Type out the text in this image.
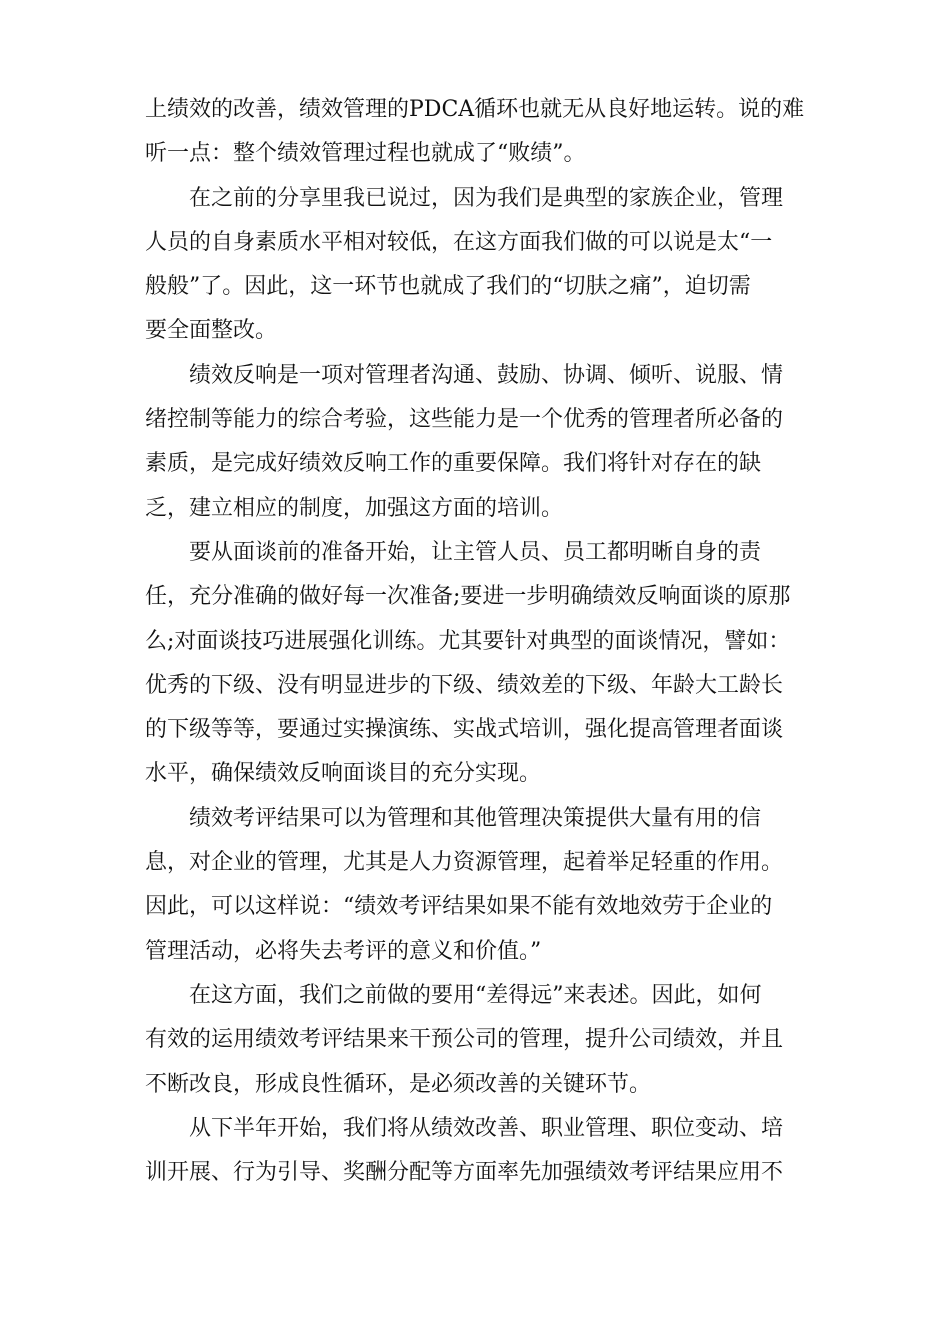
上绩效的改善，绩效管理的PDCA循环也就无从良好地运转。说的难
听一点：整个绩效管理过程也就成了“败绩”。
在之前的分享里我已说过，因为我们是典型的家族企业，管理
人员的自身素质水平相对较低，在这方面我们做的可以说是太“一
般般”了。因此，这一环节也就成了我们的“切肤之痛”，迫切需
要全面整改。
绩效反响是一项对管理者沟通、鼓励、协调、倾听、说服、情
绪控制等能力的综合考验，这些能力是一个优秀的管理者所必备的
素质，是完成好绩效反响工作的重要保障。我们将针对存在的缺
乏，建立相应的制度，加强这方面的培训。
要从面谈前的准备开始，让主管人员、员工都明晰自身的责
任，充分准确的做好每一次准备;要进一步明确绩效反响面谈的原那
么;对面谈技巧进展强化训练。尤其要针对典型的面谈情况，譬如：
优秀的下级、没有明显进步的下级、绩效差的下级、年龄大工龄长
的下级等等，要通过实操演练、实战式培训，强化提高管理者面谈
水平，确保绩效反响面谈目的充分实现。
绩效考评结果可以为管理和其他管理决策提供大量有用的信
息，对企业的管理，尤其是人力资源管理，起着举足轻重的作用。
因此，可以这样说：“绩效考评结果如果不能有效地效劳于企业的
管理活动，必将失去考评的意义和价值。”
在这方面，我们之前做的要用“差得远”来表述。因此，如何
有效的运用绩效考评结果来干预公司的管理，提升公司绩效，并且
不断改良，形成良性循环，是必须改善的关键环节。
从下半年开始，我们将从绩效改善、职业管理、职位变动、培
训开展、行为引导、奖酬分配等方面率先加强绩效考评结果应用不
